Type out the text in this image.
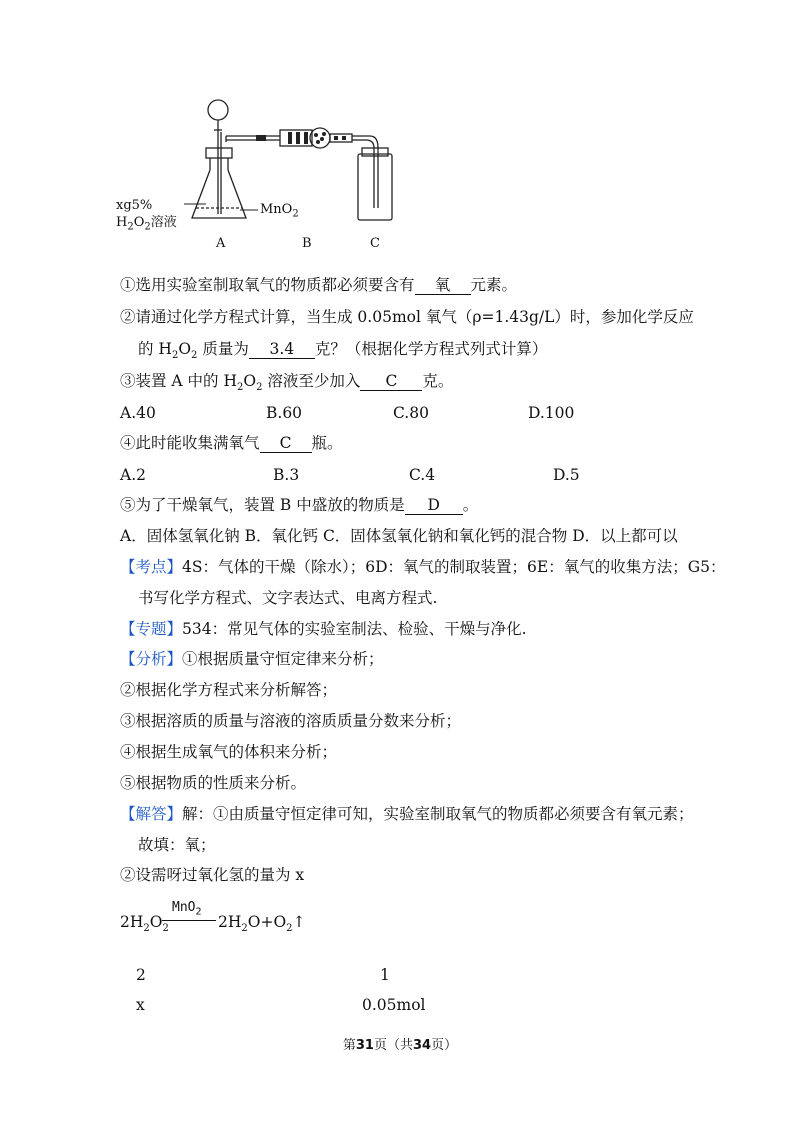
xg5%
$H_2O_2$溶液
MnO$_2$
A	B	C
①选用实验室制取氧气的物质都必须要含有 氧 元素。
②请通过化学方程式计算，当生成 0.05mol 氧气（ρ=1.43g/L）时，参加化学反应
的 $H_2O_2$ 质量为 3.4 克？（根据化学方程式列式计算）
③装置 A 中的 $H_2O_2$ 溶液至少加入 C 克。
A.40	B.60	C.80	D.100
④此时能收集满氧气 C 瓶。
A.2	B.3	C.4	D.5
⑤为了干燥氧气，装置 B 中盛放的物质是 D 。
A．固体氢氧化钠 B．氧化钙 C．固体氢氧化钠和氧化钙的混合物 D．以上都可以
【考点】4S：气体的干燥（除水）；6D：氧气的制取装置；6E：氧气的收集方法；G5：
书写化学方程式、文字表达式、电离方程式.
【专题】534：常见气体的实验室制法、检验、干燥与净化.
【分析】①根据质量守恒定律来分析；
②根据化学方程式来分析解答；
③根据溶质的质量与溶液的溶质质量分数来分析；
④根据生成氧气的体积来分析；
⑤根据物质的性质来分析。
【解答】解：①由质量守恒定律可知，实验室制取氧气的物质都必须要含有氧元素；
故填：氧；
②设需呀过氧化氢的量为 x
$2H_2O_2$
MnO$_2$
$2H_2O+O_2↑$
2	1
x	0.05mol
第31页（共34页）
